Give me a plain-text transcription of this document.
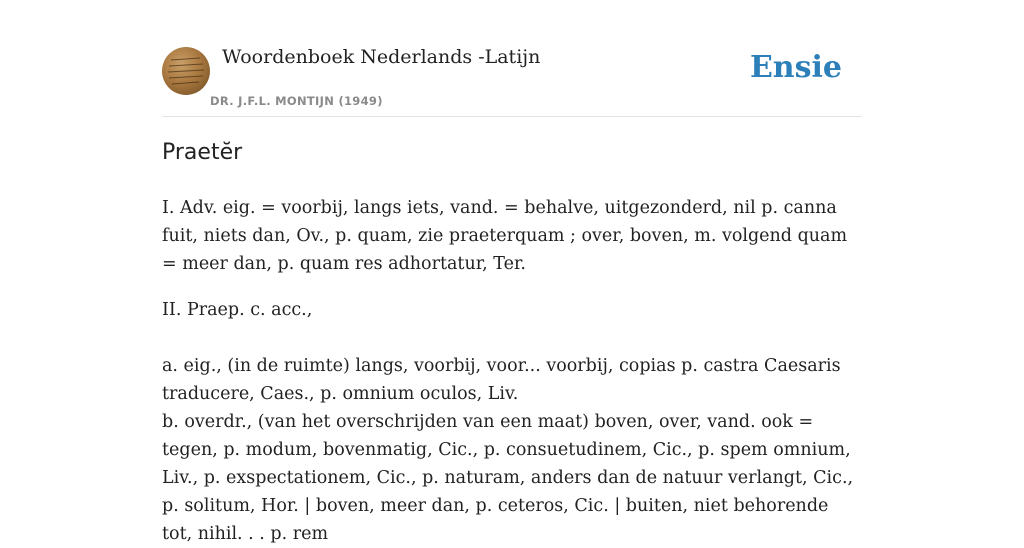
Woordenboek Nederlands -Latijn
DR. J.F.L. MONTIJN (1949)
Ensie
Praetĕr

I. Adv. eig. = voorbij, langs iets, vand. = behalve, uitgezonderd, nil p. canna fuit, niets dan, Ov., p. quam, zie praeterquam ; over, boven, m. volgend quam = meer dan, p. quam res adhortatur, Ter.

II. Praep. c. acc.,

a. eig., (in de ruimte) langs, voorbij, voor... voorbij, copias p. castra Caesaris traducere, Caes., p. omnium oculos, Liv.

b. overdr., (van het overschrijden van een maat) boven, over, vand. ook = tegen, p. modum, bovenmatig, Cic., p. consuetudinem, Cic., p. spem omnium, Liv., p. exspectationem, Cic., p. naturam, anders dan de natuur verlangt, Cic., p. solitum, Hor. | boven, meer dan, p. ceteros, Cic. | buiten, niet behorende tot, nihil. . . p. rem
